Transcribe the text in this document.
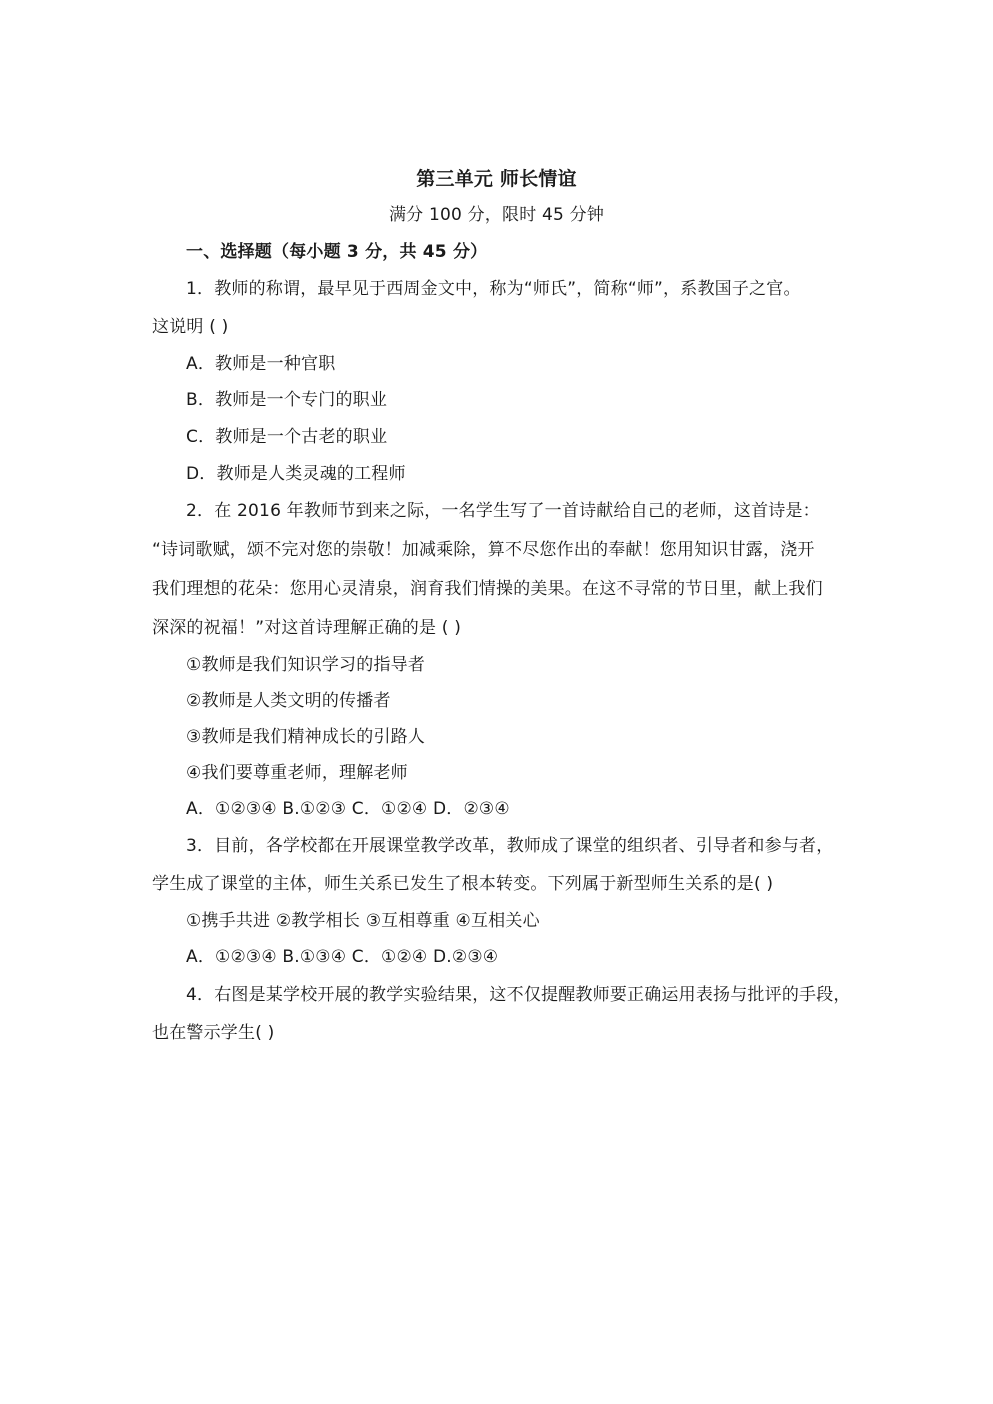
第三单元 师长情谊
满分 100 分，限时 45 分钟
一、选择题（每小题 3 分，共 45 分）
1．教师的称谓，最早见于西周金文中，称为“师氏”，简称“师”，系教国子之官。
这说明 ( )
A．教师是一种官职
B．教师是一个专门的职业
C．教师是一个古老的职业
D．教师是人类灵魂的工程师
2．在 2016 年教师节到来之际，一名学生写了一首诗献给自己的老师，这首诗是：
“诗词歌赋，颂不完对您的崇敬！加减乘除，算不尽您作出的奉献！您用知识甘露，浇开
我们理想的花朵：您用心灵清泉，润育我们情操的美果。在这不寻常的节日里，献上我们
深深的祝福！”对这首诗理解正确的是 ( )
①教师是我们知识学习的指导者
②教师是人类文明的传播者
③教师是我们精神成长的引路人
④我们要尊重老师，理解老师
A．①②③④ B.①②③ C．①②④ D．②③④
3．目前，各学校都在开展课堂教学改革，教师成了课堂的组织者、引导者和参与者，
学生成了课堂的主体，师生关系已发生了根本转变。下列属于新型师生关系的是( )
①携手共进 ②教学相长 ③互相尊重 ④互相关心
A．①②③④ B.①③④ C．①②④ D.②③④
4．右图是某学校开展的教学实验结果，这不仅提醒教师要正确运用表扬与批评的手段，
也在警示学生( )
